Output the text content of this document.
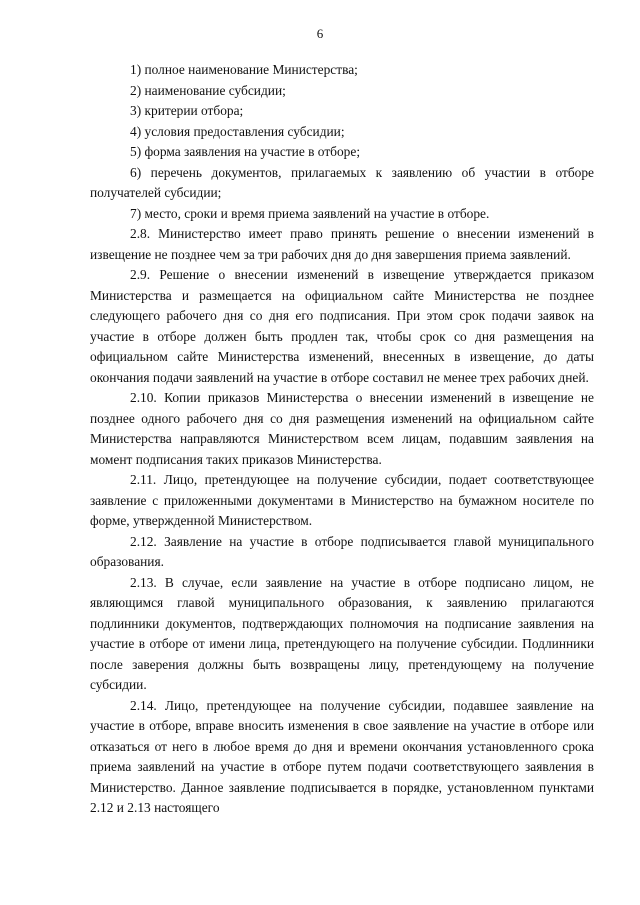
6

1) полное наименование Министерства;

2) наименование субсидии;

3) критерии отбора;

4) условия предоставления субсидии;

5) форма заявления на участие в отборе;

6) перечень документов, прилагаемых к заявлению об участии в отборе получателей субсидии;

7) место, сроки и время приема заявлений на участие в отборе.

2.8. Министерство имеет право принять решение о внесении изменений в извещение не позднее чем за три рабочих дня до дня завершения приема заявлений.

2.9. Решение о внесении изменений в извещение утверждается приказом Министерства и размещается на официальном сайте Министерства не позднее следующего рабочего дня со дня его подписания. При этом срок подачи заявок на участие в отборе должен быть продлен так, чтобы срок со дня размещения на официальном сайте Министерства изменений, внесенных в извещение, до даты окончания подачи заявлений на участие в отборе составил не менее трех рабочих дней.

2.10. Копии приказов Министерства о внесении изменений в извещение не позднее одного рабочего дня со дня размещения изменений на официальном сайте Министерства направляются Министерством всем лицам, подавшим заявления на момент подписания таких приказов Министерства.

2.11. Лицо, претендующее на получение субсидии, подает соответствующее заявление с приложенными документами в Министерство на бумажном носителе по форме, утвержденной Министерством.

2.12. Заявление на участие в отборе подписывается главой муниципального образования.

2.13. В случае, если заявление на участие в отборе подписано лицом, не являющимся главой муниципального образования, к заявлению прилагаются подлинники документов, подтверждающих полномочия на подписание заявления на участие в отборе от имени лица, претендующего на получение субсидии. Подлинники после заверения должны быть возвращены лицу, претендующему на получение субсидии.

2.14. Лицо, претендующее на получение субсидии, подавшее заявление на участие в отборе, вправе вносить изменения в свое заявление на участие в отборе или отказаться от него в любое время до дня и времени окончания установленного срока приема заявлений на участие в отборе путем подачи соответствующего заявления в Министерство. Данное заявление подписывается в порядке, установленном пунктами 2.12 и 2.13 настоящего
